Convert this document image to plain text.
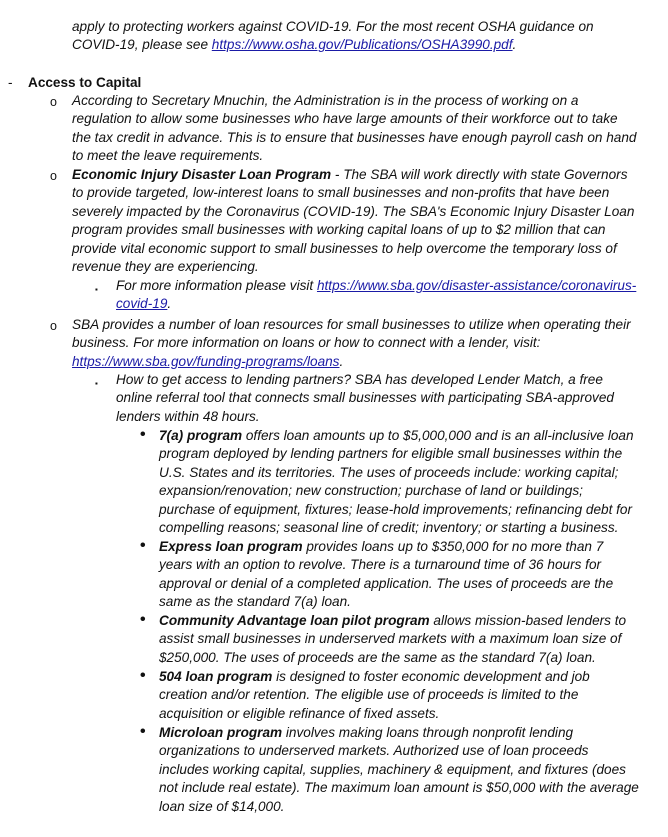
apply to protecting workers against COVID-19. For the most recent OSHA guidance on COVID-19, please see https://www.osha.gov/Publications/OSHA3990.pdf.
- Access to Capital
o According to Secretary Mnuchin, the Administration is in the process of working on a regulation to allow some businesses who have large amounts of their workforce out to take the tax credit in advance. This is to ensure that businesses have enough payroll cash on hand to meet the leave requirements.
o Economic Injury Disaster Loan Program - The SBA will work directly with state Governors to provide targeted, low-interest loans to small businesses and non-profits that have been severely impacted by the Coronavirus (COVID-19). The SBA's Economic Injury Disaster Loan program provides small businesses with working capital loans of up to $2 million that can provide vital economic support to small businesses to help overcome the temporary loss of revenue they are experiencing.
▪ For more information please visit https://www.sba.gov/disaster-assistance/coronavirus-covid-19.
o SBA provides a number of loan resources for small businesses to utilize when operating their business. For more information on loans or how to connect with a lender, visit: https://www.sba.gov/funding-programs/loans.
▪ How to get access to lending partners? SBA has developed Lender Match, a free online referral tool that connects small businesses with participating SBA-approved lenders within 48 hours.
• 7(a) program offers loan amounts up to $5,000,000 and is an all-inclusive loan program deployed by lending partners for eligible small businesses within the U.S. States and its territories. The uses of proceeds include: working capital; expansion/renovation; new construction; purchase of land or buildings; purchase of equipment, fixtures; lease-hold improvements; refinancing debt for compelling reasons; seasonal line of credit; inventory; or starting a business.
• Express loan program provides loans up to $350,000 for no more than 7 years with an option to revolve. There is a turnaround time of 36 hours for approval or denial of a completed application. The uses of proceeds are the same as the standard 7(a) loan.
• Community Advantage loan pilot program allows mission-based lenders to assist small businesses in underserved markets with a maximum loan size of $250,000. The uses of proceeds are the same as the standard 7(a) loan.
• 504 loan program is designed to foster economic development and job creation and/or retention. The eligible use of proceeds is limited to the acquisition or eligible refinance of fixed assets.
• Microloan program involves making loans through nonprofit lending organizations to underserved markets. Authorized use of loan proceeds includes working capital, supplies, machinery & equipment, and fixtures (does not include real estate). The maximum loan amount is $50,000 with the average loan size of $14,000.
